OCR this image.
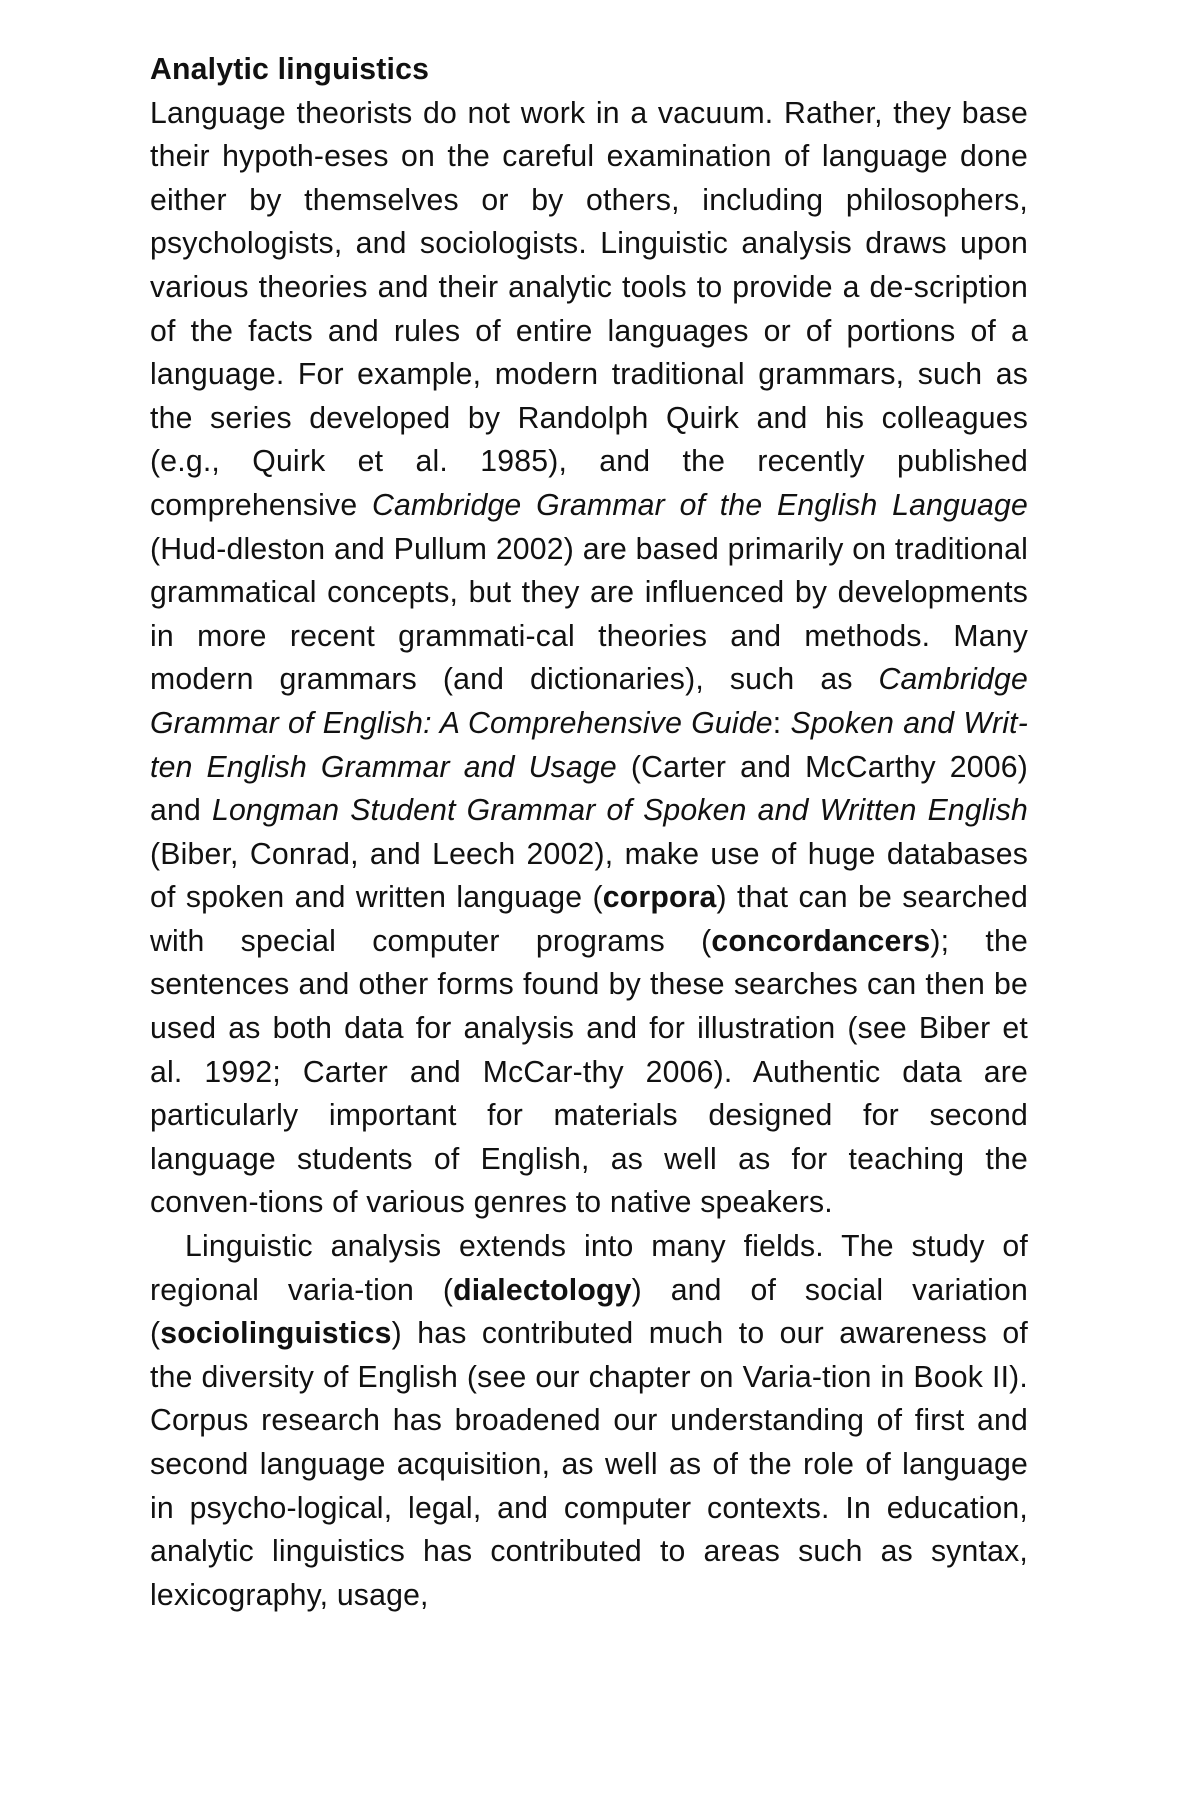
Analytic linguistics

Language theorists do not work in a vacuum. Rather, they base their hypoth-eses on the careful examination of language done either by themselves or by others, including philosophers, psychologists, and sociologists. Linguistic analysis draws upon various theories and their analytic tools to provide a de-scription of the facts and rules of entire languages or of portions of a language. For example, modern traditional grammars, such as the series developed by Randolph Quirk and his colleagues (e.g., Quirk et al. 1985), and the recently published comprehensive Cambridge Grammar of the English Language (Hud-dleston and Pullum 2002) are based primarily on traditional grammatical concepts, but they are influenced by developments in more recent grammati-cal theories and methods. Many modern grammars (and dictionaries), such as Cambridge Grammar of English: A Comprehensive Guide: Spoken and Writ-ten English Grammar and Usage (Carter and McCarthy 2006) and Longman Student Grammar of Spoken and Written English (Biber, Conrad, and Leech 2002), make use of huge databases of spoken and written language (corpora) that can be searched with special computer programs (concordancers); the sentences and other forms found by these searches can then be used as both data for analysis and for illustration (see Biber et al. 1992; Carter and McCar-thy 2006). Authentic data are particularly important for materials designed for second language students of English, as well as for teaching the conven-tions of various genres to native speakers.

Linguistic analysis extends into many fields. The study of regional varia-tion (dialectology) and of social variation (sociolinguistics) has contributed much to our awareness of the diversity of English (see our chapter on Varia-tion in Book II). Corpus research has broadened our understanding of first and second language acquisition, as well as of the role of language in psycho-logical, legal, and computer contexts. In education, analytic linguistics has contributed to areas such as syntax, lexicography, usage,
